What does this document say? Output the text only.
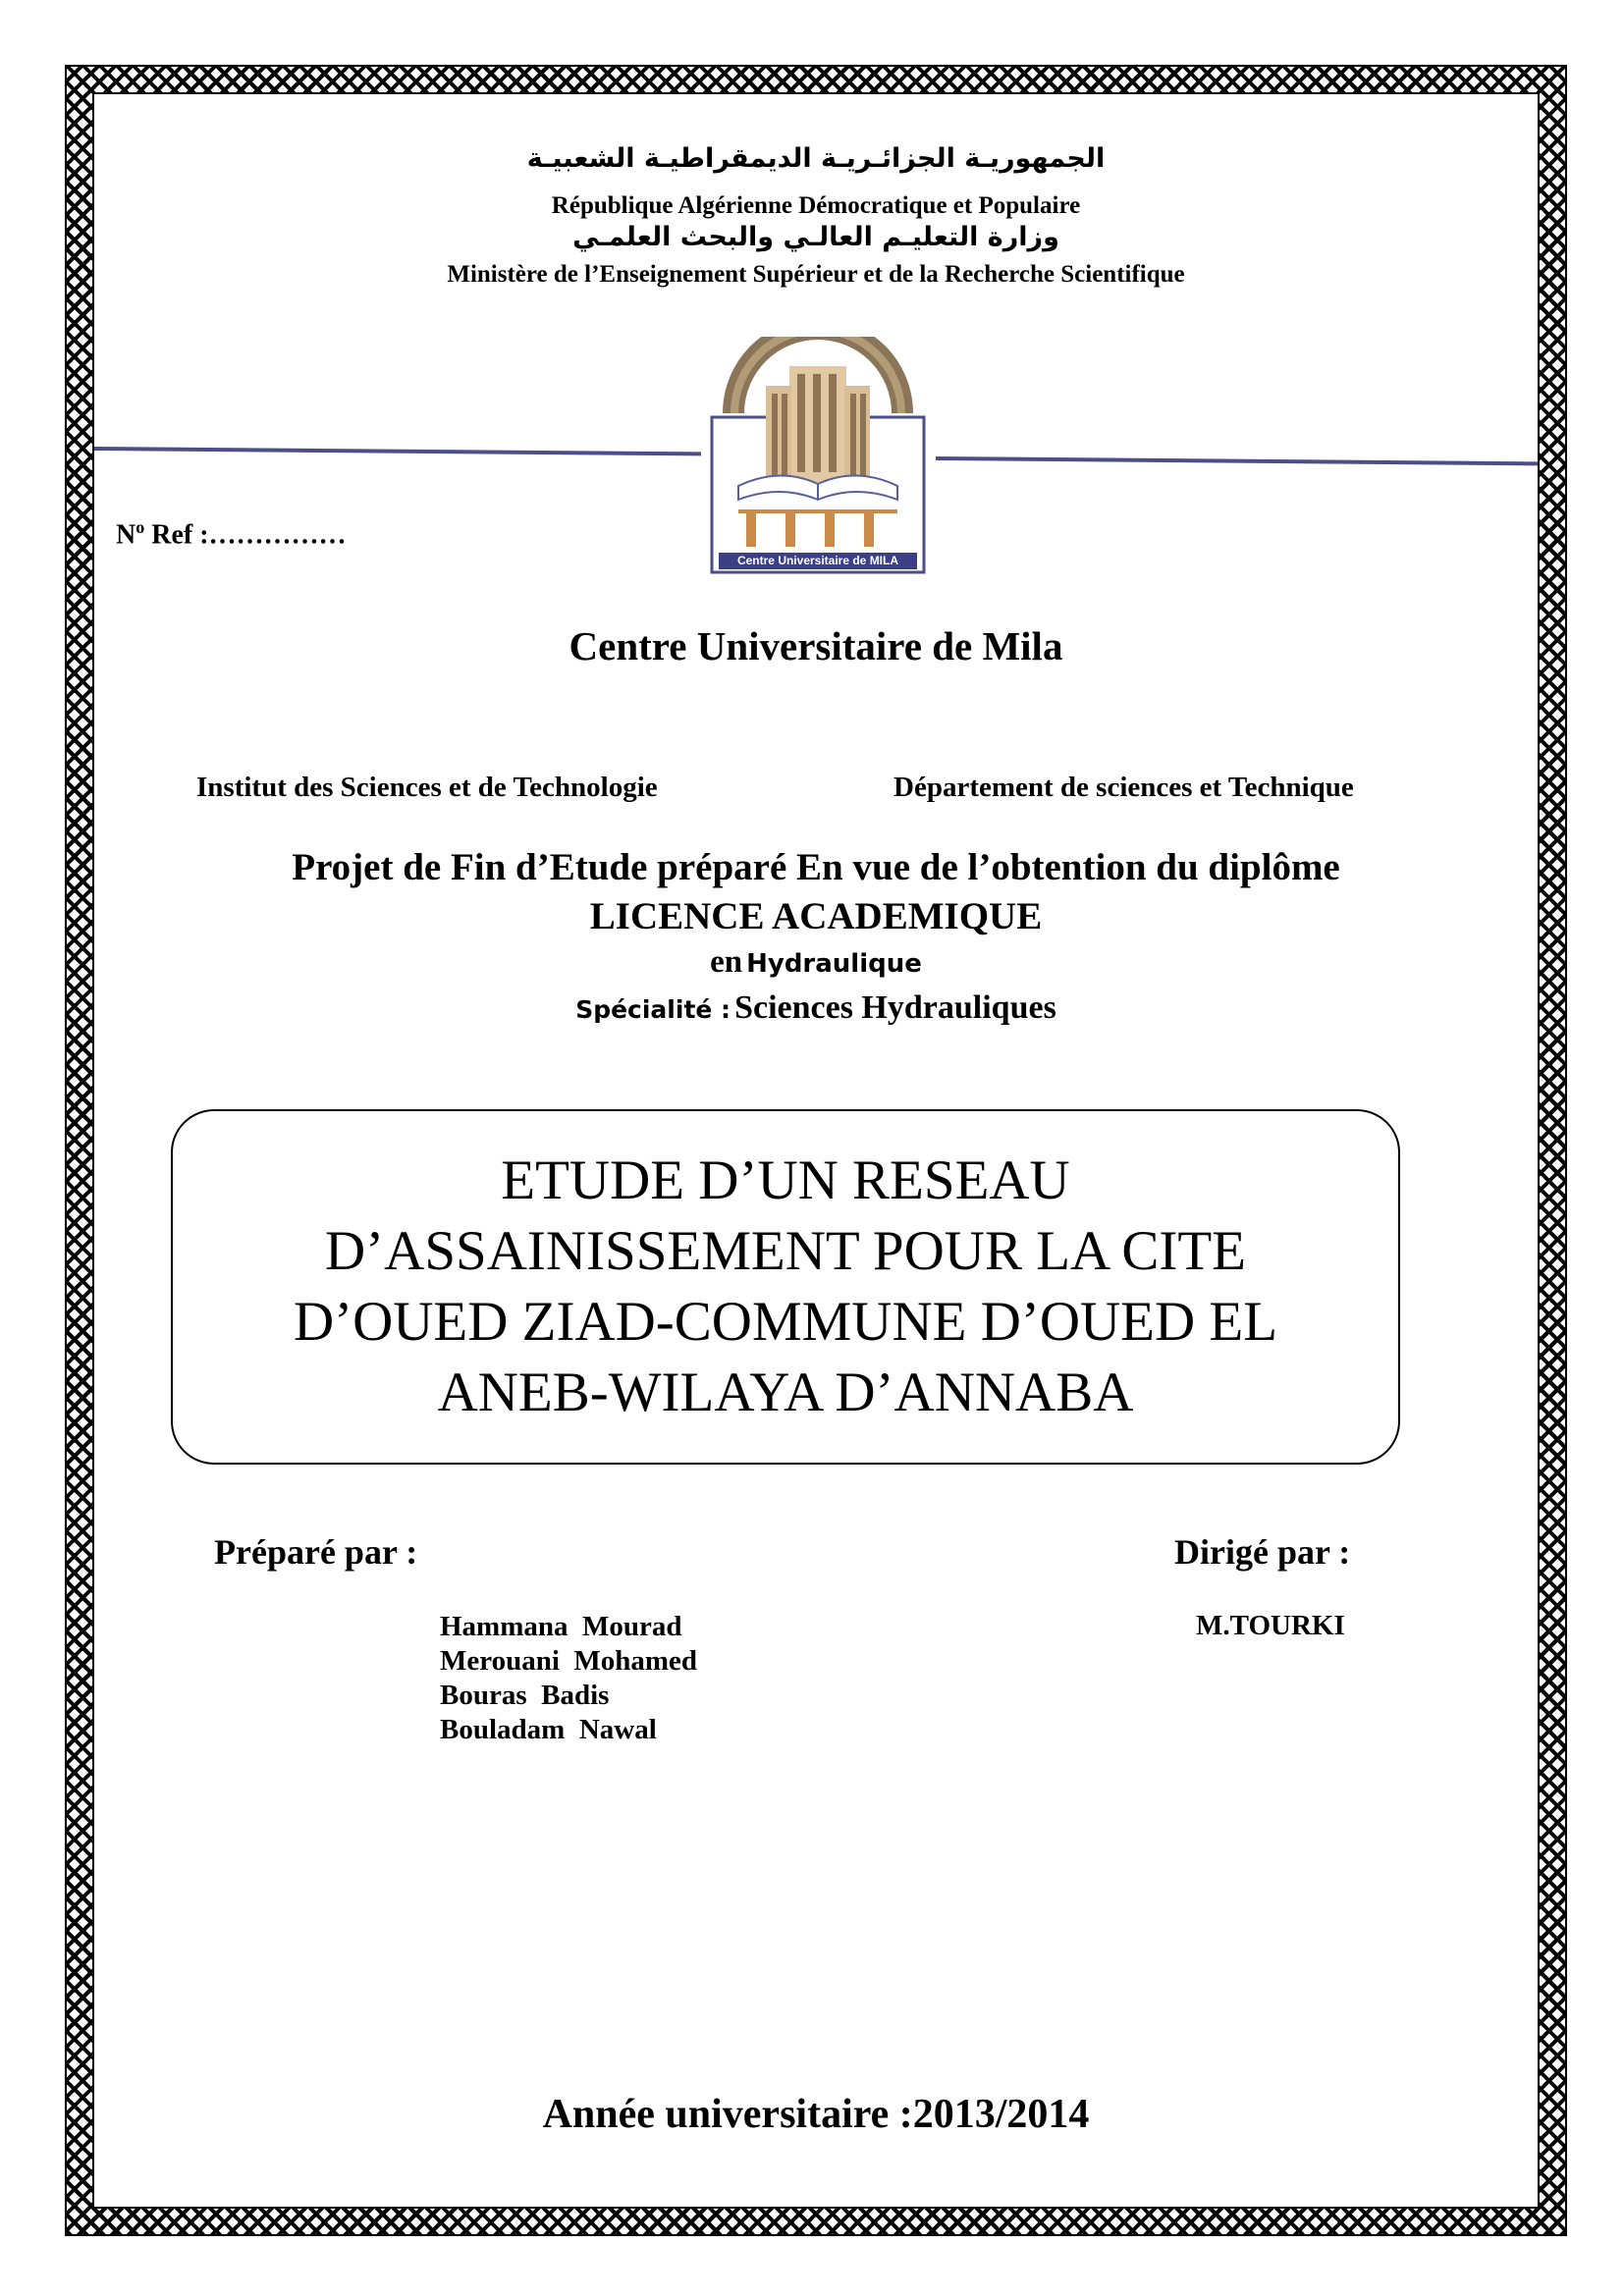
الجمهوريـة الجزائـريـة الديمقراطيـة الشعبيـة
République Algérienne Démocratique et Populaire
وزارة التعليـم العالـي والبحث العلمـي
Ministère de l’Enseignement Supérieur et de la Recherche Scientifique
Centre Universitaire de MILA
$N^o$ Ref :……………
Centre Universitaire de Mila
Institut des Sciences et de Technologie	Département de sciences et Technique
Projet de Fin d’Etude préparé En vue de l’obtention du diplôme
LICENCE ACADEMIQUE
en Hydraulique
Spécialité : Sciences Hydrauliques
ETUDE D’UN RESEAU D’ASSAINISSEMENT POUR LA CITE D’OUED ZIAD-COMMUNE D’OUED EL ANEB-WILAYA D’ANNABA
Préparé par :	Dirigé par :
Hammana  Mourad
Merouani  Mohamed
Bouras  Badis
Bouladam  Nawal
M.TOURKI
Année universitaire :2013/2014
